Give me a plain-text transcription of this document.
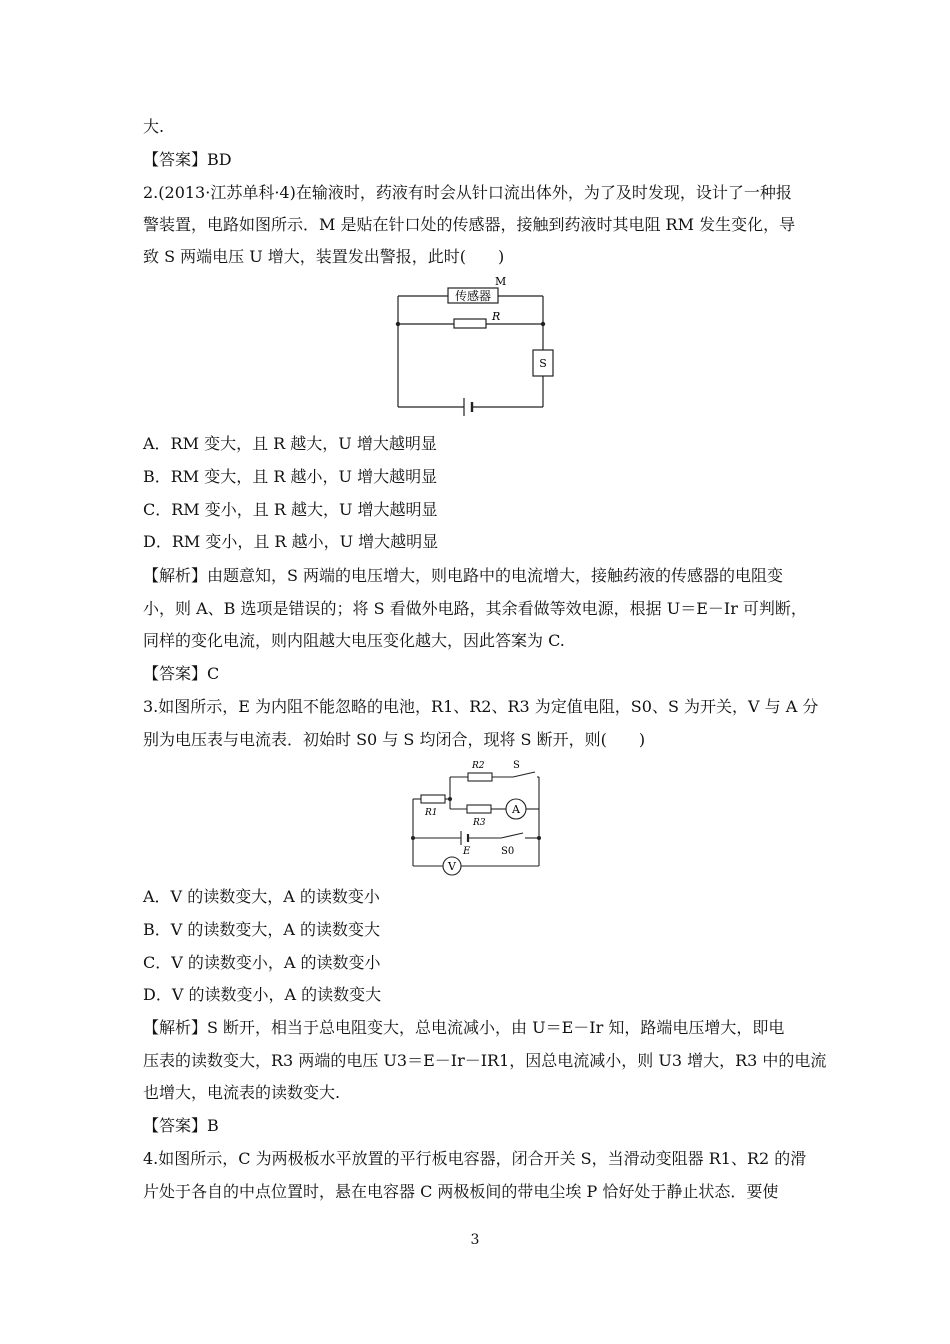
大.
【答案】BD
2.(2013·江苏单科·4)在输液时，药液有时会从针口流出体外，为了及时发现，设计了一种报
警装置，电路如图所示．M 是贴在针口处的传感器，接触到药液时其电阻 RM 发生变化，导
致 S 两端电压 U 增大，装置发出警报，此时(　　)
传感器
M
R
S
A．RM 变大，且 R 越大，U 增大越明显
B．RM 变大，且 R 越小，U 增大越明显
C．RM 变小，且 R 越大，U 增大越明显
D．RM 变小，且 R 越小，U 增大越明显
【解析】由题意知，S 两端的电压增大，则电路中的电流增大，接触药液的传感器的电阻变
小，则 A、B 选项是错误的；将 S 看做外电路，其余看做等效电源，根据 U＝E－Ir 可判断，
同样的变化电流，则内阻越大电压变化越大，因此答案为 C.
【答案】C
3.如图所示，E 为内阻不能忽略的电池，R1、R2、R3 为定值电阻，S0、S 为开关，V 与 A 分
别为电压表与电流表．初始时 S0 与 S 均闭合，现将 S 断开，则(　　)
R2	S
R1
R3
A
E	S0
V
A．V 的读数变大，A 的读数变小
B．V 的读数变大，A 的读数变大
C．V 的读数变小，A 的读数变小
D．V 的读数变小，A 的读数变大
【解析】S 断开，相当于总电阻变大，总电流减小，由 U＝E－Ir 知，路端电压增大，即电
压表的读数变大，R3 两端的电压 U3＝E－Ir－IR1，因总电流减小，则 U3 增大，R3 中的电流
也增大，电流表的读数变大.
【答案】B
4.如图所示，C 为两极板水平放置的平行板电容器，闭合开关 S，当滑动变阻器 R1、R2 的滑
片处于各自的中点位置时，悬在电容器 C 两极板间的带电尘埃 P 恰好处于静止状态．要使
3
